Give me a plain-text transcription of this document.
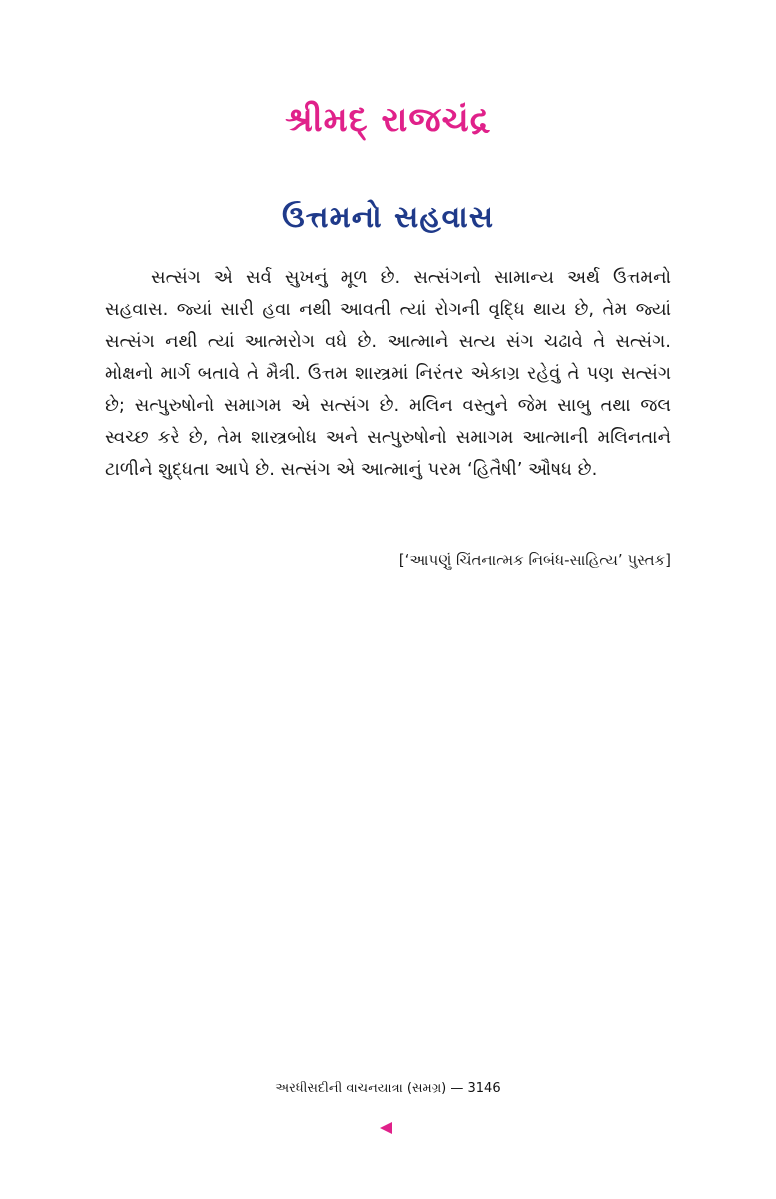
શ્રીમદ્ રાજચંદ્ર
ઉત્તમનો સહવાસ

સત્સંગ એ સર્વ સુખનું મૂળ છે. સત્સંગનો સામાન્ય અર્થ ઉત્તમનો સહવાસ. જ્યાં સારી હવા નથી આવતી ત્યાં રોગની વૃદ્ધિ થાય છે, તેમ જ્યાં સત્સંગ નથી ત્યાં આત્મરોગ વધે છે. આત્માને સત્ય સંગ ચઢાવે તે સત્સંગ. મોક્ષનો માર્ગ બતાવે તે મૈત્રી. ઉત્તમ શાસ્ત્રમાં નિરંતર એકાગ્ર રહેવું તે પણ સત્સંગ છે; સત્પુરુષોનો સમાગમ એ સત્સંગ છે. મલિન વસ્તુને જેમ સાબુ તથા જલ સ્વચ્છ કરે છે, તેમ શાસ્ત્રબોધ અને સત્પુરુષોનો સમાગમ આત્માની મલિનતાને ટાળીને શુદ્ધતા આપે છે. સત્સંગ એ આત્માનું પરમ ‘હિતૈષી’ ઔષધ છે.

[‘આપણું ચિંતનાત્મક નિબંધ-સાહિત્ય’ પુસ્તક]
અરધીસદીની વાચનયાત્રા (સમગ્ર) — 3146
